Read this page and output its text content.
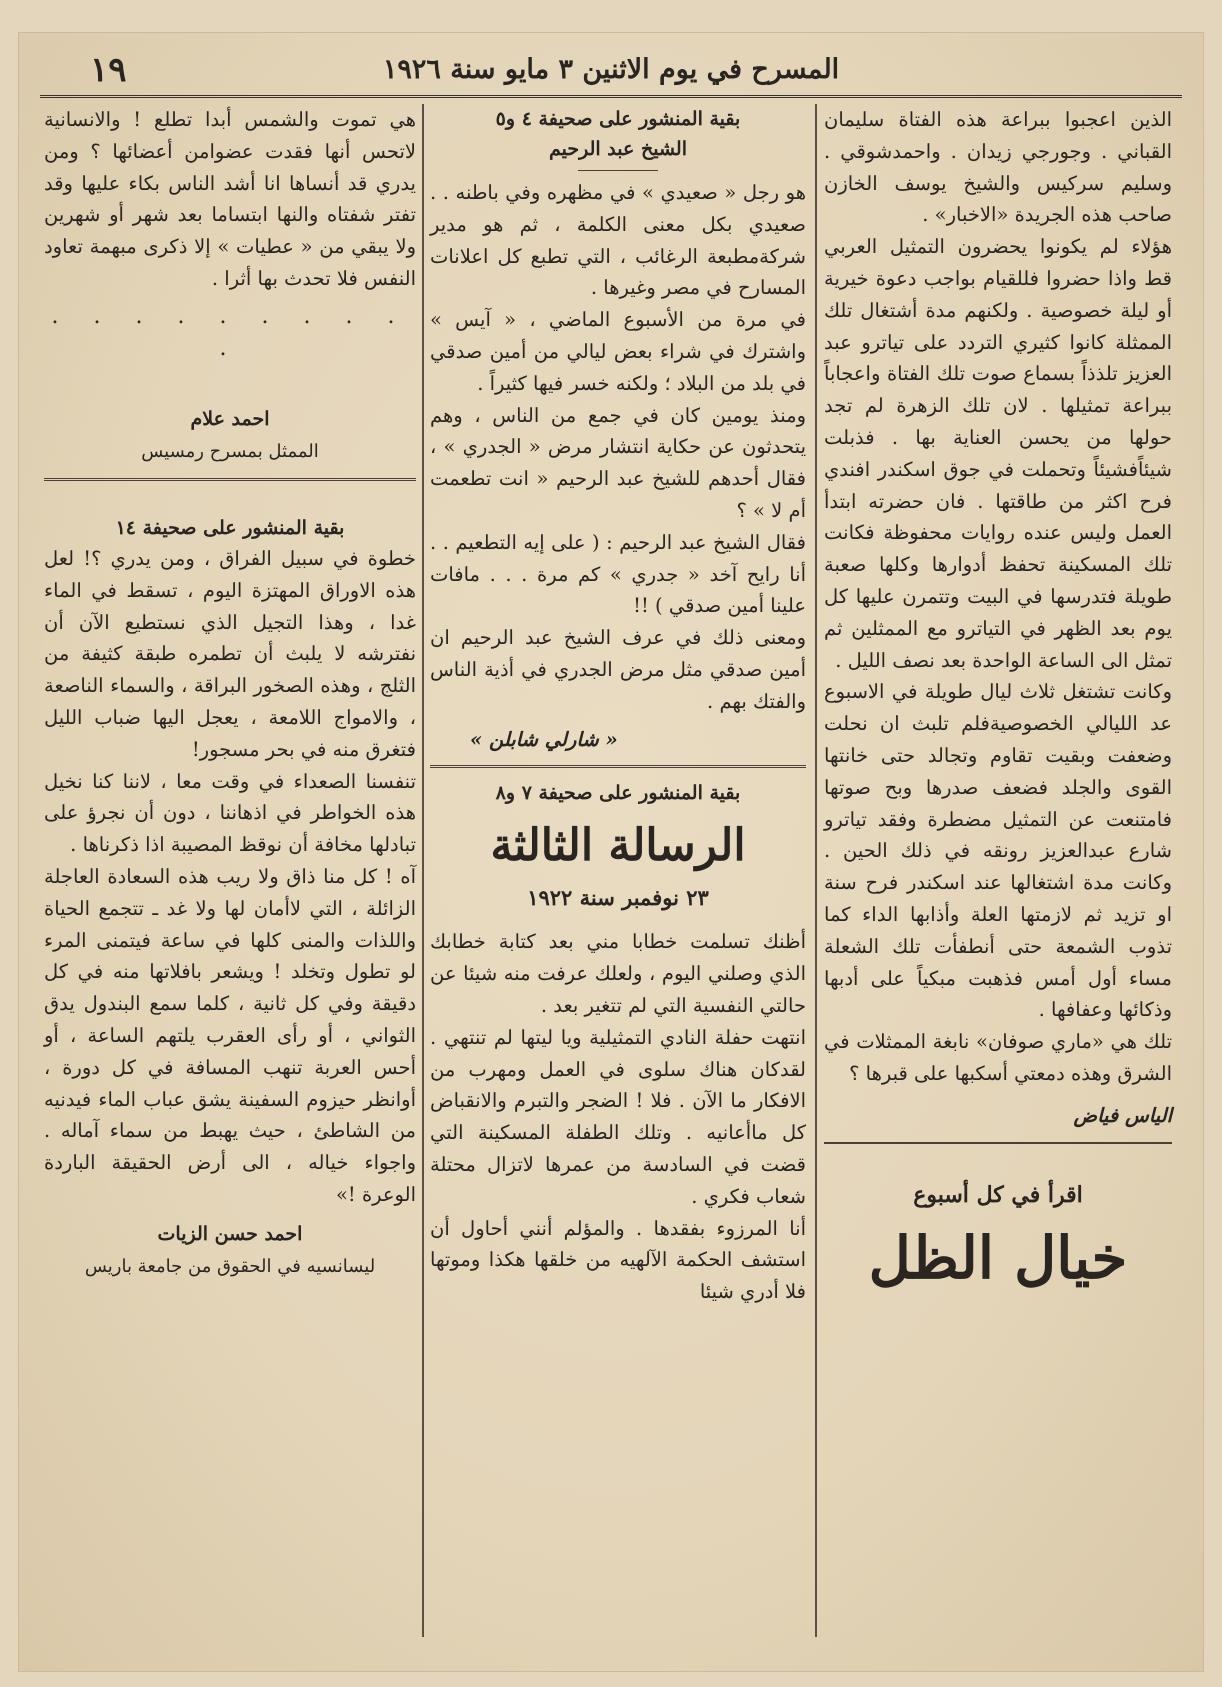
المسرح في يوم الاثنين ٣ مايو سنة ١٩٢٦
١٩

الذين اعجبوا ببراعة هذه الفتاة سليمان القباني . وجورجي زيدان . واحمدشوقي . وسليم سركيس والشيخ يوسف الخازن صاحب هذه الجريدة «الاخبار» .

هؤلاء لم يكونوا يحضرون التمثيل العربي قط واذا حضروا فللقيام بواجب دعوة خيرية أو ليلة خصوصية . ولكنهم مدة أشتغال تلك الممثلة كانوا كثيري التردد على تياترو عبد العزيز تلذذاً بسماع صوت تلك الفتاة واعجاباً ببراعة تمثيلها . لان تلك الزهرة لم تجد حولها من يحسن العناية بها . فذبلت شيئاًفشيئاً وتحملت في جوق اسكندر افندي فرح اكثر من طاقتها . فان حضرته ابتدأ العمل وليس عنده روايات محفوظة فكانت تلك المسكينة تحفظ أدوارها وكلها صعبة طويلة فتدرسها في البيت وتتمرن عليها كل يوم بعد الظهر في التياترو مع الممثلين ثم تمثل الى الساعة الواحدة بعد نصف الليل .

وكانت تشتغل ثلاث ليال طويلة في الاسبوع عد الليالي الخصوصيةفلم تلبث ان نحلت وضعفت وبقيت تقاوم وتجالد حتى خانتها القوى والجلد فضعف صدرها وبح صوتها فامتنعت عن التمثيل مضطرة وفقد تياترو شارع عبدالعزيز رونقه في ذلك الحين . وكانت مدة اشتغالها عند اسكندر فرح سنة او تزيد ثم لازمتها العلة وأذابها الداء كما تذوب الشمعة حتى أنطفأت تلك الشعلة مساء أول أمس فذهبت مبكياً على أدبها وذكائها وعفافها .

تلك هي «ماري صوفان» نابغة الممثلات في الشرق وهذه دمعتي أسكبها على قبرها ؟

الياس فياض
اقرأ في كل أسبوع
خيال الظل
بقية المنشور على صحيفة ٤ و٥
الشيخ عبد الرحيم

هو رجل « صعيدي » في مظهره وفي باطنه . . صعيدي بكل معنى الكلمة ، ثم هو مدير شركةمطبعة الرغائب ، التي تطبع كل اعلانات المسارح في مصر وغيرها .

في مرة من الأسبوع الماضي ، « آيس » واشترك في شراء بعض ليالي من أمين صدقي في بلد من البلاد ؛ ولكنه خسر فيها كثيراً .

ومنذ يومين كان في جمع من الناس ، وهم يتحدثون عن حكاية انتشار مرض « الجدري » ، فقال أحدهم للشيخ عبد الرحيم « انت تطعمت أم لا » ؟

فقال الشيخ عبد الرحيم : ( على إيه التطعيم . . أنا رايح آخد « جدري » كم مرة . . . مافات علينا أمين صدقي ) !!

ومعنى ذلك في عرف الشيخ عبد الرحيم ان أمين صدقي مثل مرض الجدري في أذية الناس والفتك بهم .

« شارلي شابلن »
بقية المنشور على صحيفة ٧ و٨
الرسالة الثالثة
٢٣ نوفمبر سنة ١٩٢٢

أظنك تسلمت خطابا مني بعد كتابة خطابك الذي وصلني اليوم ، ولعلك عرفت منه شيئا عن حالتي النفسية التي لم تتغير بعد .

انتهت حفلة النادي التمثيلية ويا ليتها لم تنتهي . لقدكان هناك سلوى في العمل ومهرب من الافكار ما الآن . فلا ! الضجر والتبرم والانقباض كل ماأعانيه . وتلك الطفلة المسكينة التي قضت في السادسة من عمرها لاتزال محتلة شعاب فكري .

أنا المرزوء بفقدها . والمؤلم أنني أحاول أن استشف الحكمة الآلهيه من خلقها هكذا وموتها فلا أدري شيئا

هي تموت والشمس أبدا تطلع ! والانسانية لاتحس أنها فقدت عضوامن أعضائها ؟ ومن يدري قد أنساها انا أشد الناس بكاء عليها وقد تفتر شفتاه والنها ابتساما بعد شهر أو شهرين ولا يبقي من « عطيات » إلا ذكرى مبهمة تعاود النفس فلا تحدث بها أثرا .

. . . . . . . . . .
احمد علام
الممثل بمسرح رمسيس
بقية المنشور على صحيفة ١٤

خطوة في سبيل الفراق ، ومن يدري ؟! لعل هذه الاوراق المهتزة اليوم ، تسقط في الماء غدا ، وهذا التجيل الذي نستطيع الآن أن نفترشه لا يلبث أن تطمره طبقة كثيفة من الثلج ، وهذه الصخور البراقة ، والسماء الناصعة ، والامواج اللامعة ، يعجل اليها ضباب الليل فتغرق منه في بحر مسجور!

تنفسنا الصعداء في وقت معا ، لاننا كنا نخيل هذه الخواطر في اذهاننا ، دون أن نجرؤ على تبادلها مخافة أن نوقظ المصيبة اذا ذكرناها .

آه ! كل منا ذاق ولا ريب هذه السعادة العاجلة الزائلة ، التي لاأمان لها ولا غد ـ تتجمع الحياة واللذات والمنى كلها في ساعة فيتمنى المرء لو تطول وتخلد ! ويشعر بافلاتها منه في كل دقيقة وفي كل ثانية ، كلما سمع البندول يدق الثواني ، أو رأى العقرب يلتهم الساعة ، أو أحس العربة تنهب المسافة في كل دورة ، أوانظر حيزوم السفينة يشق عباب الماء فيدنيه من الشاطئ ، حيث يهبط من سماء آماله . واجواء خياله ، الى أرض الحقيقة الباردة الوعرة !»

احمد حسن الزيات
ليسانسيه في الحقوق من جامعة باريس
